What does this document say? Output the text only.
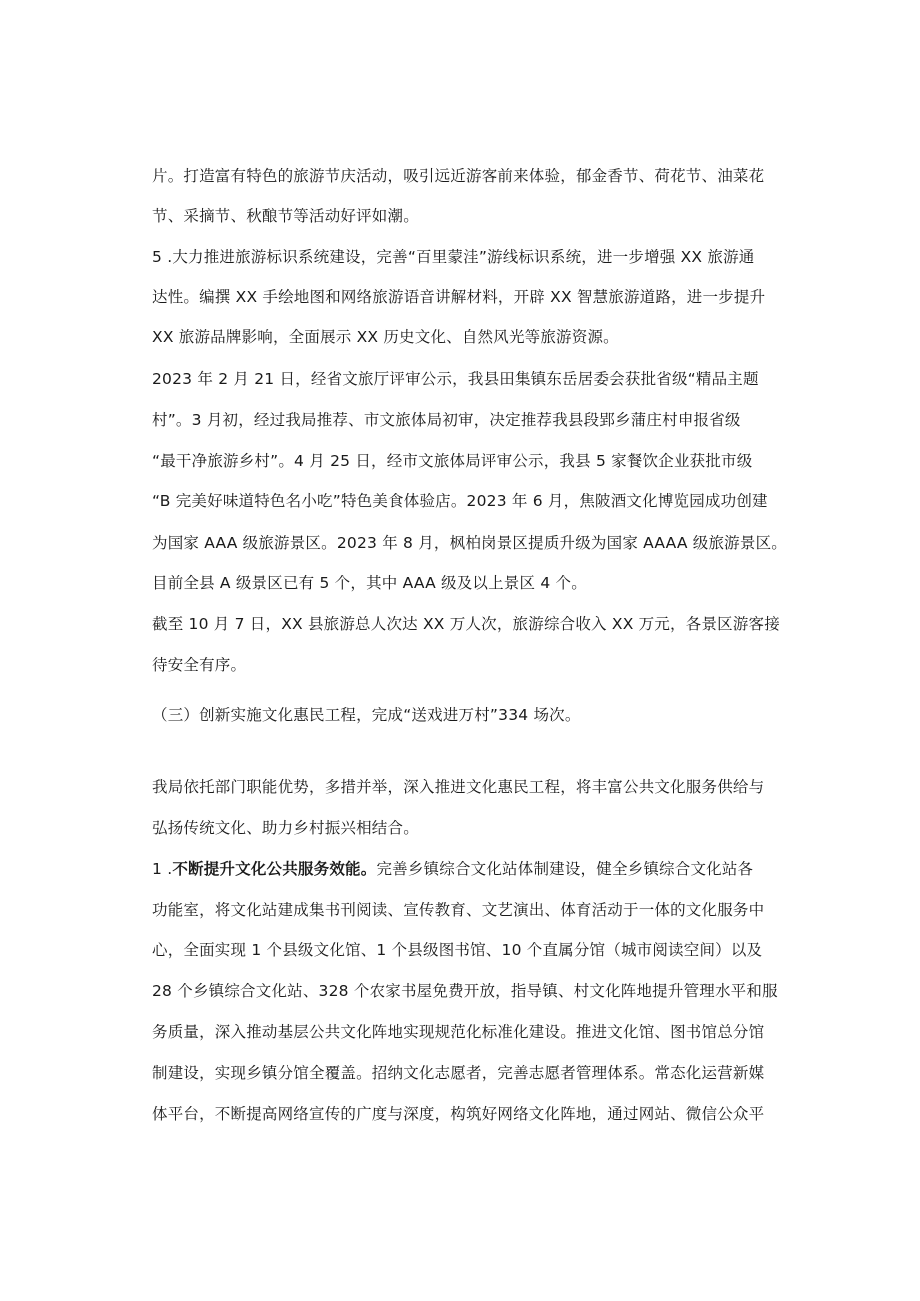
片。打造富有特色的旅游节庆活动，吸引远近游客前来体验，郁金香节、荷花节、油菜花
节、采摘节、秋酿节等活动好评如潮。
5 .大力推进旅游标识系统建设，完善“百里蒙洼”游线标识系统，进一步增强 XX 旅游通
达性。编撰 XX 手绘地图和网络旅游语音讲解材料，开辟 XX 智慧旅游道路，进一步提升
XX 旅游品牌影响，全面展示 XX 历史文化、自然风光等旅游资源。
2023 年 2 月 21 日，经省文旅厅评审公示，我县田集镇东岳居委会获批省级“精品主题
村”。3 月初，经过我局推荐、市文旅体局初审，决定推荐我县段郢乡蒲庄村申报省级
“最干净旅游乡村”。4 月 25 日，经市文旅体局评审公示，我县 5 家餐饮企业获批市级
“B 完美好味道特色名小吃”特色美食体验店。2023 年 6 月，焦陂酒文化博览园成功创建
为国家 AAA 级旅游景区。2023 年 8 月，枫柏岗景区提质升级为国家 AAAA 级旅游景区。
目前全县 A 级景区已有 5 个，其中 AAA 级及以上景区 4 个。
截至 10 月 7 日，XX 县旅游总人次达 XX 万人次，旅游综合收入 XX 万元，各景区游客接
待安全有序。
（三）创新实施文化惠民工程，完成“送戏进万村”334 场次。
我局依托部门职能优势，多措并举，深入推进文化惠民工程，将丰富公共文化服务供给与
弘扬传统文化、助力乡村振兴相结合。
1 .不断提升文化公共服务效能。完善乡镇综合文化站体制建设，健全乡镇综合文化站各
功能室，将文化站建成集书刊阅读、宣传教育、文艺演出、体育活动于一体的文化服务中
心，全面实现 1 个县级文化馆、1 个县级图书馆、10 个直属分馆（城市阅读空间）以及
28 个乡镇综合文化站、328 个农家书屋免费开放，指导镇、村文化阵地提升管理水平和服
务质量，深入推动基层公共文化阵地实现规范化标准化建设。推进文化馆、图书馆总分馆
制建设，实现乡镇分馆全覆盖。招纳文化志愿者，完善志愿者管理体系。常态化运营新媒
体平台，不断提高网络宣传的广度与深度，构筑好网络文化阵地，通过网站、微信公众平
